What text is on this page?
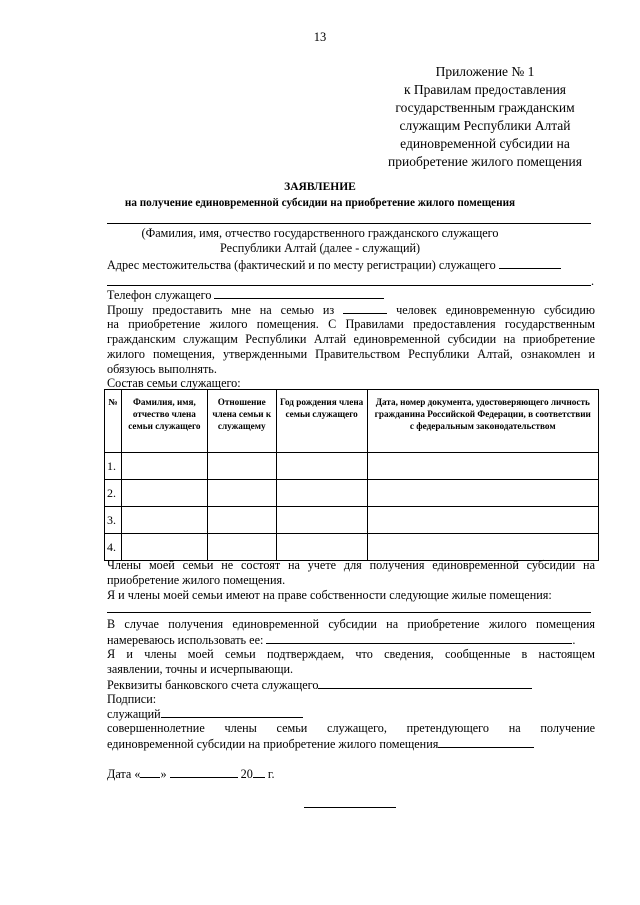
13
Приложение № 1
к Правилам предоставления
государственным гражданским
служащим Республики Алтай
единовременной субсидии на
приобретение жилого помещения
ЗАЯВЛЕНИЕ
на получение единовременной субсидии на приобретение жилого помещения
(Фамилия, имя, отчество государственного гражданского служащего
Республики Алтай (далее - служащий)
Адрес местожительства (фактический и по месту регистрации) служащего
.
Телефон служащего
Прошу предоставить мне на семью из	человек единовременную субсидию
на приобретение жилого помещения. С Правилами предоставления государственным
гражданским служащим Республики Алтай единовременной субсидии на приобретение
жилого помещения, утвержденными Правительством Республики Алтай, ознакомлен и
обязуюсь выполнять.
Состав семьи служащего:
№	Фамилия, имя, отчество члена семьи служащего	Отношение члена семьи к служащему	Год рождения члена семьи служащего	Дата, номер документа, удостоверяющего личность гражданина Российской Федерации, в соответствии с федеральным законодательством
1.				
2.				
3.				
4.				
Члены моей семьи не состоят на учете для получения единовременной субсидии на
приобретение жилого помещения.
Я и члены моей семьи имеют на праве собственности следующие жилые помещения:
В случае получения единовременной субсидии на приобретение жилого помещения
намереваюсь использовать ее:	.
Я и члены моей семьи подтверждаем, что сведения, сообщенные в настоящем
заявлении, точны и исчерпывающи.
Реквизиты банковского счета служащего
Подписи:
служащий
совершеннолетние члены семьи служащего, претендующего на получение
единовременной субсидии на приобретение жилого помещения
Дата « »	20 г.
